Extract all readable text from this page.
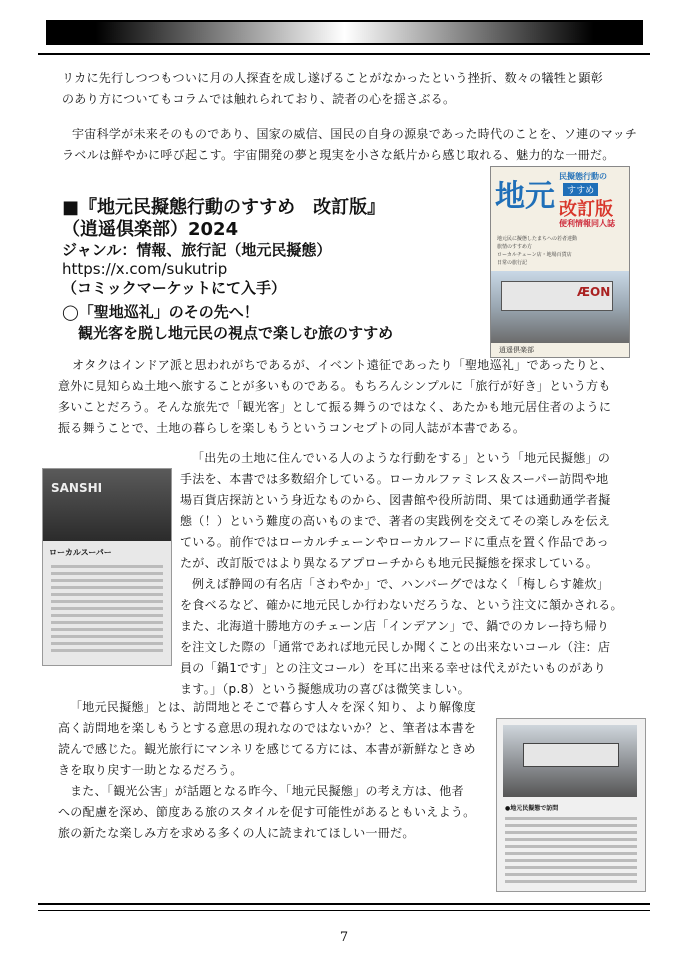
リカに先行しつつもついに月の人探査を成し遂げることがなかったという挫折、数々の犠牲と顕彰
のあり方についてもコラムでは触れられており、読者の心を揺さぶる。
宇宙科学が未来そのものであり、国家の威信、国民の自身の源泉であった時代のことを、ソ連のマッチ
ラベルは鮮やかに呼び起こす。宇宙開発の夢と現実を小さな紙片から感じ取れる、魅力的な一冊だ。
■『地元民擬態行動のすすめ　改訂版』
（逍遥倶楽部）2024
ジャンル：情報、旅行記（地元民擬態）
https://x.com/sukutrip
（コミックマーケットにて入手）
地元
民擬態行動の
すすめ
改訂版
便利情報同人誌
地元民に擬態したまちへの若者達動
旅情のすすめ方
ローカルチェーン店・地場百貨店
日常の旅行記
ÆON
逍遥倶楽部
◯「聖地巡礼」のその先へ！
観光客を脱し地元民の視点で楽しむ旅のすすめ
オタクはインドア派と思われがちであるが、イベント遠征であったり「聖地巡礼」であったりと、
意外に見知らぬ土地へ旅することが多いものである。もちろんシンプルに「旅行が好き」という方も
多いことだろう。そんな旅先で「観光客」として振る舞うのではなく、あたかも地元居住者のように
振る舞うことで、土地の暮らしを楽しもうというコンセプトの同人誌が本書である。
SANSHI
ローカルスーパー
「出先の土地に住んでいる人のような行動をする」という「地元民擬態」の
手法を、本書では多数紹介している。ローカルファミレス＆スーパー訪問や地
場百貨店探訪という身近なものから、図書館や役所訪問、果ては通動通学者擬
態（！）という難度の高いものまで、著者の実践例を交えてその楽しみを伝え
ている。前作ではローカルチェーンやローカルフードに重点を置く作品であっ
たが、改訂版ではより異なるアプローチからも地元民擬態を探求している。
例えば静岡の有名店「さわやか」で、ハンバーグではなく「梅しらす雑炊」
を食べるなど、確かに地元民しか行わないだろうな、という注文に頷かされる。
また、北海道十勝地方のチェーン店「インデアン」で、鍋でのカレー持ち帰り
を注文した際の「通常であれば地元民しか聞くことの出来ないコール（注：店
員の「鍋1です」との注文コール）を耳に出来る幸せは代えがたいものがあり
ます。」（p.8）という擬態成功の喜びは微笑ましい。
「地元民擬態」とは、訪問地とそこで暮らす人々を深く知り、より解像度
高く訪問地を楽しもうとする意思の現れなのではないか？と、筆者は本書を
読んで感じた。観光旅行にマンネリを感じてる方には、本書が新鮮なときめ
きを取り戻す一助となるだろう。
また、「観光公害」が話題となる昨今、「地元民擬態」の考え方は、他者
への配慮を深め、節度ある旅のスタイルを促す可能性があるともいえよう。
旅の新たな楽しみ方を求める多くの人に読まれてほしい一冊だ。
●地元民擬態で訪問
7
